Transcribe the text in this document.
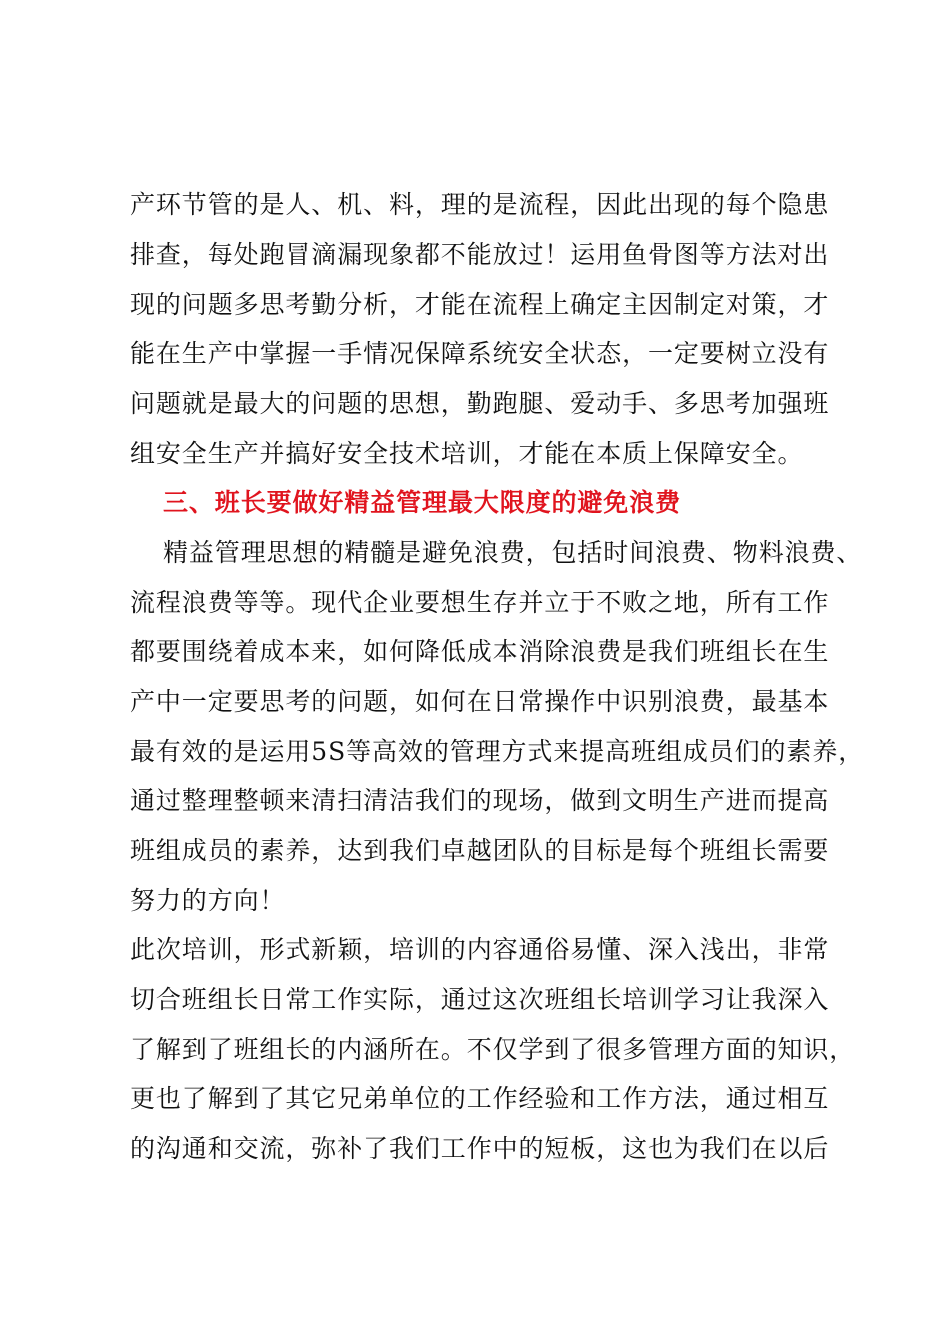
产环节管的是人、机、料，理的是流程，因此出现的每个隐患

排查，每处跑冒滴漏现象都不能放过！运用鱼骨图等方法对出

现的问题多思考勤分析，才能在流程上确定主因制定对策，才

能在生产中掌握一手情况保障系统安全状态，一定要树立没有

问题就是最大的问题的思想，勤跑腿、爱动手、多思考加强班

组安全生产并搞好安全技术培训，才能在本质上保障安全。

三、班长要做好精益管理最大限度的避免浪费

精益管理思想的精髓是避免浪费，包括时间浪费、物料浪费、

流程浪费等等。现代企业要想生存并立于不败之地，所有工作

都要围绕着成本来，如何降低成本消除浪费是我们班组长在生

产中一定要思考的问题，如何在日常操作中识别浪费，最基本

最有效的是运用5S等高效的管理方式来提高班组成员们的素养，

通过整理整顿来清扫清洁我们的现场，做到文明生产进而提高

班组成员的素养，达到我们卓越团队的目标是每个班组长需要

努力的方向！

此次培训，形式新颖，培训的内容通俗易懂、深入浅出，非常

切合班组长日常工作实际，通过这次班组长培训学习让我深入

了解到了班组长的内涵所在。不仅学到了很多管理方面的知识，

更也了解到了其它兄弟单位的工作经验和工作方法，通过相互

的沟通和交流，弥补了我们工作中的短板，这也为我们在以后
